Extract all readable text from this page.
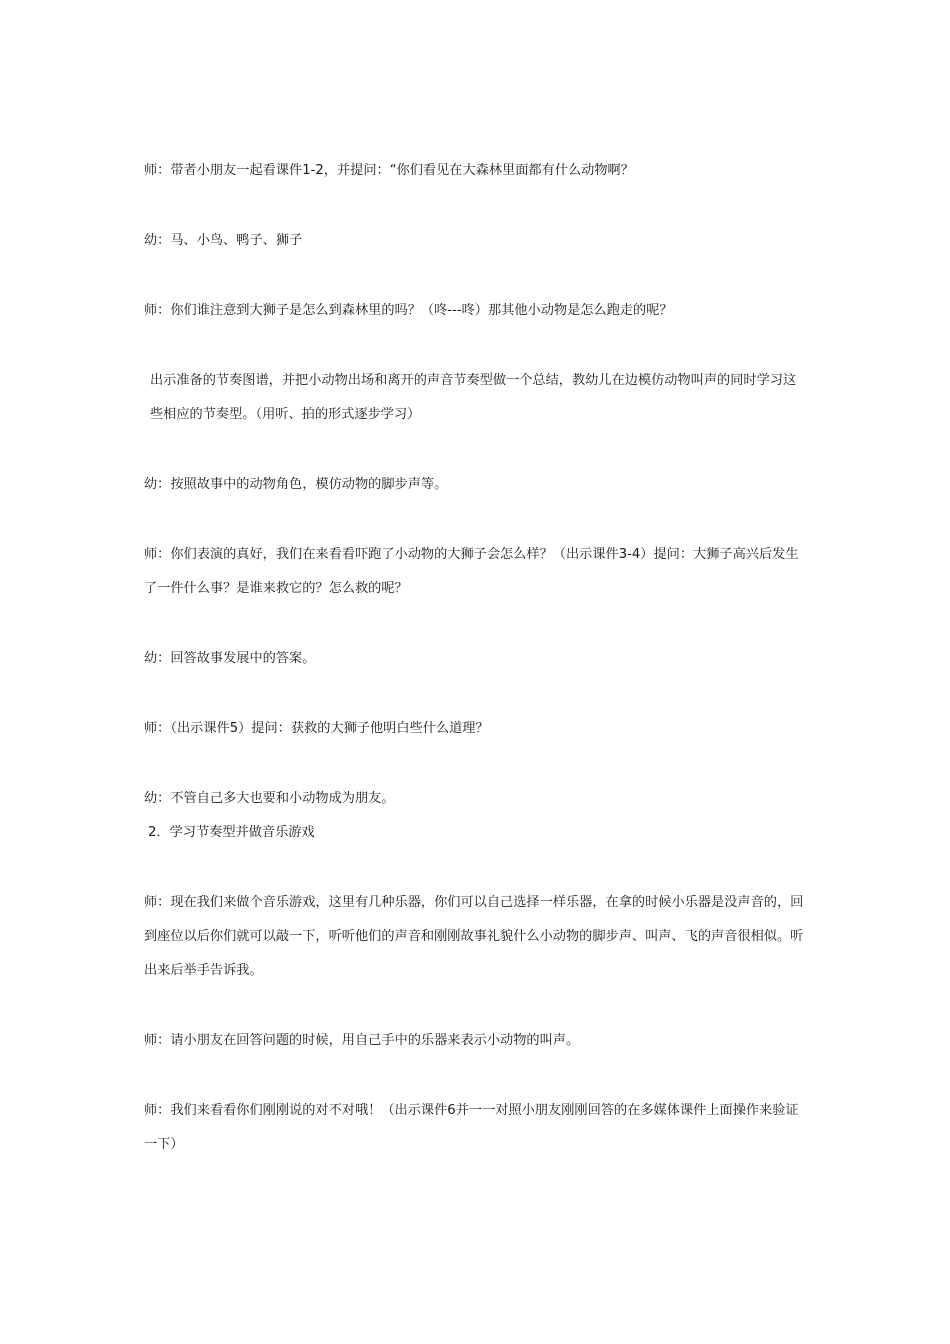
师：带者小朋友一起看课件1-2，并提问：“你们看见在大森林里面都有什么动物啊？

幼：马、小鸟、鸭子、狮子

师：你们谁注意到大狮子是怎么到森林里的吗？（咚---咚）那其他小动物是怎么跑走的呢？

出示准备的节奏图谱，并把小动物出场和离开的声音节奏型做一个总结，教幼儿在边模仿动物叫声的同时学习这些相应的节奏型。（用听、拍的形式逐步学习）

幼：按照故事中的动物角色，模仿动物的脚步声等。

师：你们表演的真好，我们在来看看吓跑了小动物的大狮子会怎么样？（出示课件3-4）提问：大狮子高兴后发生了一件什么事？是谁来救它的？怎么救的呢？

幼：回答故事发展中的答案。

师：（出示课件5）提问：获救的大狮子他明白些什么道理？

幼：不管自己多大也要和小动物成为朋友。

2．学习节奏型并做音乐游戏

师：现在我们来做个音乐游戏，这里有几种乐器，你们可以自己选择一样乐器，在拿的时候小乐器是没声音的，回到座位以后你们就可以敲一下，听听他们的声音和刚刚故事礼貌什么小动物的脚步声、叫声、飞的声音很相似。听出来后举手告诉我。

师：请小朋友在回答问题的时候，用自己手中的乐器来表示小动物的叫声。

师：我们来看看你们刚刚说的对不对哦！（出示课件6并一一对照小朋友刚刚回答的在多媒体课件上面操作来验证一下）
